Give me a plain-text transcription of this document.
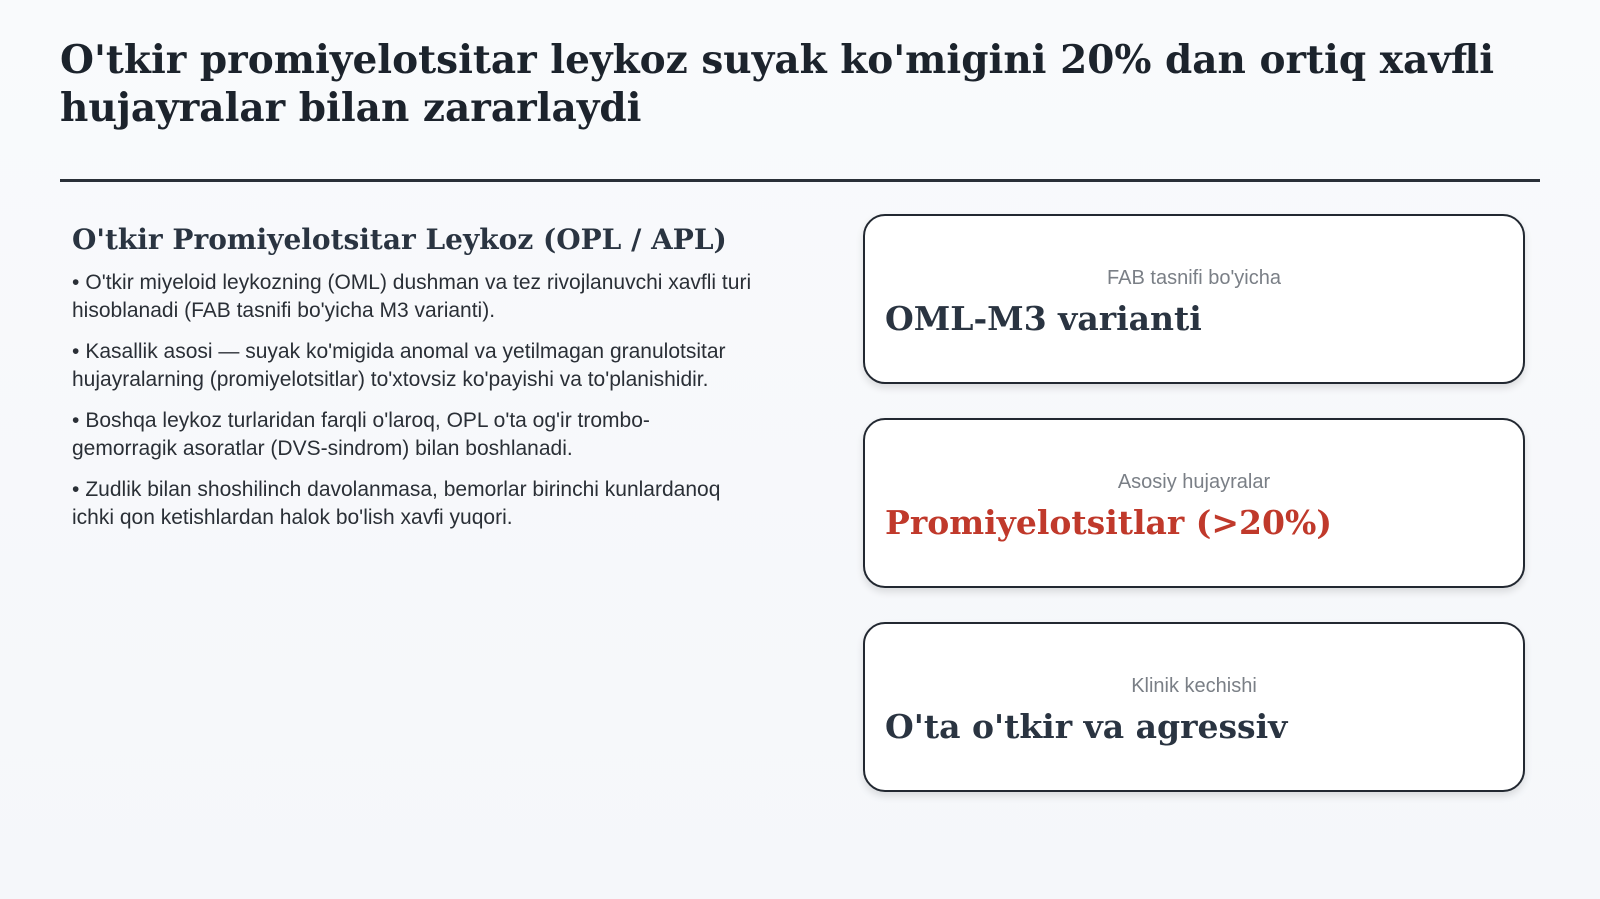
O'tkir promiyelotsitar leykoz suyak ko'migini 20% dan ortiq xavfli hujayralar bilan zararlaydi
O'tkir Promiyelotsitar Leykoz (OPL / APL)
• O'tkir miyeloid leykozning (OML) dushman va tez rivojlanuvchi xavfli turi hisoblanadi (FAB tasnifi bo'yicha M3 varianti).
• Kasallik asosi — suyak ko'migida anomal va yetilmagan granulotsitar hujayralarning (promiyelotsitlar) to'xtovsiz ko'payishi va to'planishidir.
• Boshqa leykoz turlaridan farqli o'laroq, OPL o'ta og'ir trombo-gemorragik asoratlar (DVS-sindrom) bilan boshlanadi.
• Zudlik bilan shoshilinch davolanmasa, bemorlar birinchi kunlardanoq ichki qon ketishlardan halok bo'lish xavfi yuqori.
FAB tasnifi bo'yicha
OML-M3 varianti
Asosiy hujayralar
Promiyelotsitlar (>20%)
Klinik kechishi
O'ta o'tkir va agressiv
